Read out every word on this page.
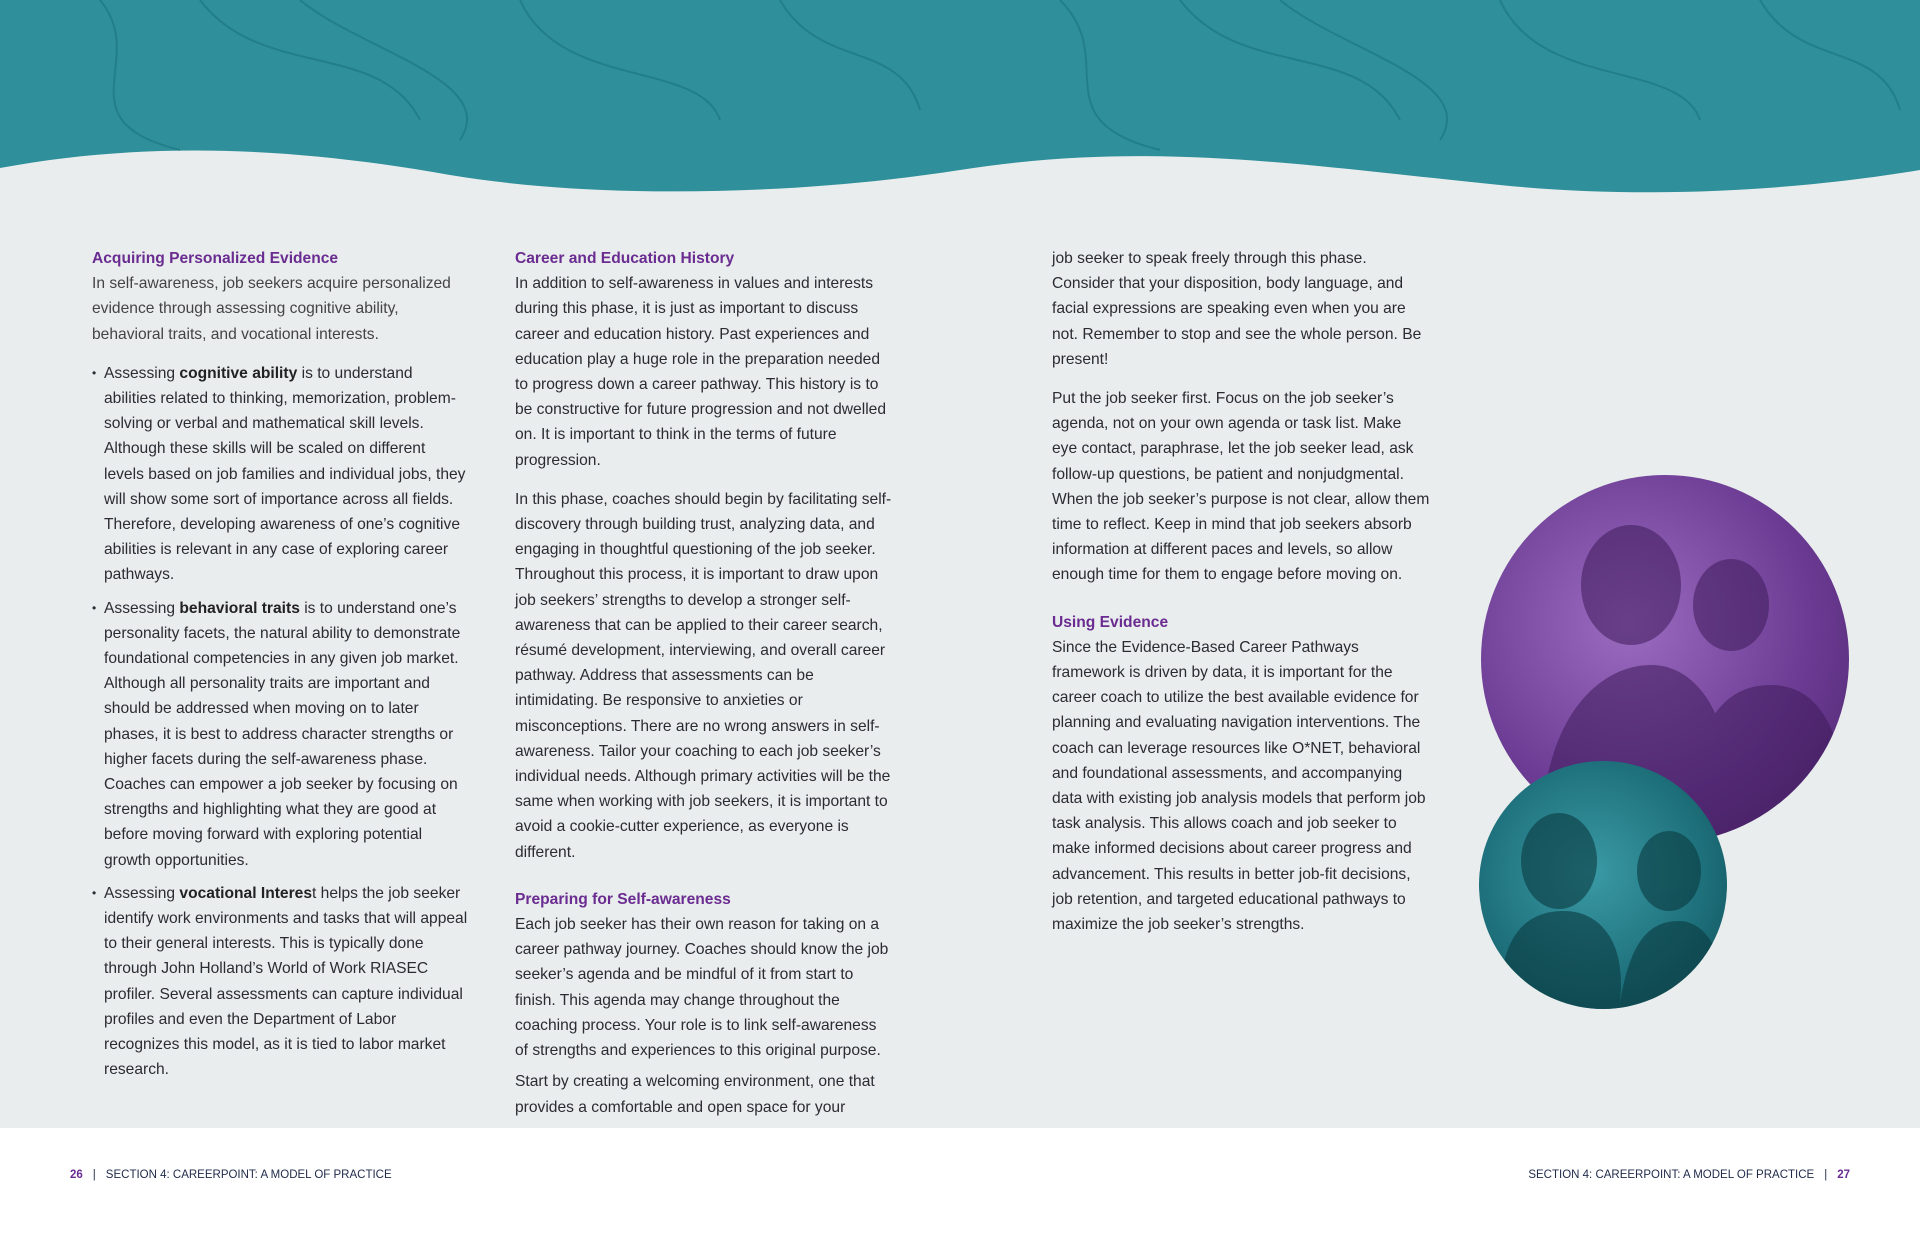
Acquiring Personalized Evidence

In self-awareness, job seekers acquire personalized evidence through assessing cognitive ability, behavioral traits, and vocational interests.

• Assessing cognitive ability is to understand abilities related to thinking, memorization, problem-solving or verbal and mathematical skill levels. Although these skills will be scaled on different levels based on job families and individual jobs, they will show some sort of importance across all fields. Therefore, developing awareness of one’s cognitive abilities is relevant in any case of exploring career pathways.
• Assessing behavioral traits is to understand one’s personality facets, the natural ability to demonstrate foundational competencies in any given job market. Although all personality traits are important and should be addressed when moving on to later phases, it is best to address character strengths or higher facets during the self-awareness phase. Coaches can empower a job seeker by focusing on strengths and highlighting what they are good at before moving forward with exploring potential growth opportunities.
• Assessing vocational Interest helps the job seeker identify work environments and tasks that will appeal to their general interests. This is typically done through John Holland’s World of Work RIASEC profiler. Several assessments can capture individual profiles and even the Department of Labor recognizes this model, as it is tied to labor market research.
Career and Education History

In addition to self-awareness in values and interests during this phase, it is just as important to discuss career and education history. Past experiences and education play a huge role in the preparation needed to progress down a career pathway. This history is to be constructive for future progression and not dwelled on. It is important to think in the terms of future progression.

In this phase, coaches should begin by facilitating self-discovery through building trust, analyzing data, and engaging in thoughtful questioning of the job seeker. Throughout this process, it is important to draw upon job seekers’ strengths to develop a stronger self-awareness that can be applied to their career search, résumé development, interviewing, and overall career pathway. Address that assessments can be intimidating. Be responsive to anxieties or misconceptions. There are no wrong answers in self-awareness. Tailor your coaching to each job seeker’s individual needs. Although primary activities will be the same when working with job seekers, it is important to avoid a cookie-cutter experience, as everyone is different.

Preparing for Self-awareness

Each job seeker has their own reason for taking on a career pathway journey. Coaches should know the job seeker’s agenda and be mindful of it from start to finish. This agenda may change throughout the coaching process. Your role is to link self-awareness of strengths and experiences to this original purpose.

Start by creating a welcoming environment, one that provides a comfortable and open space for your

job seeker to speak freely through this phase. Consider that your disposition, body language, and facial expressions are speaking even when you are not. Remember to stop and see the whole person. Be present!

Put the job seeker first. Focus on the job seeker’s agenda, not on your own agenda or task list. Make eye contact, paraphrase, let the job seeker lead, ask follow-up questions, be patient and nonjudgmental. When the job seeker’s purpose is not clear, allow them time to reflect. Keep in mind that job seekers absorb information at different paces and levels, so allow enough time for them to engage before moving on.

Using Evidence

Since the Evidence-Based Career Pathways framework is driven by data, it is important for the career coach to utilize the best available evidence for planning and evaluating navigation interventions. The coach can leverage resources like O*NET, behavioral and foundational assessments, and accompanying data with existing job analysis models that perform job task analysis. This allows coach and job seeker to make informed decisions about career progress and advancement. This results in better job-fit decisions, job retention, and targeted educational pathways to maximize the job seeker’s strengths.

26 | SECTION 4: CAREERPOINT: A MODEL OF PRACTICE	SECTION 4: CAREERPOINT: A MODEL OF PRACTICE | 27
